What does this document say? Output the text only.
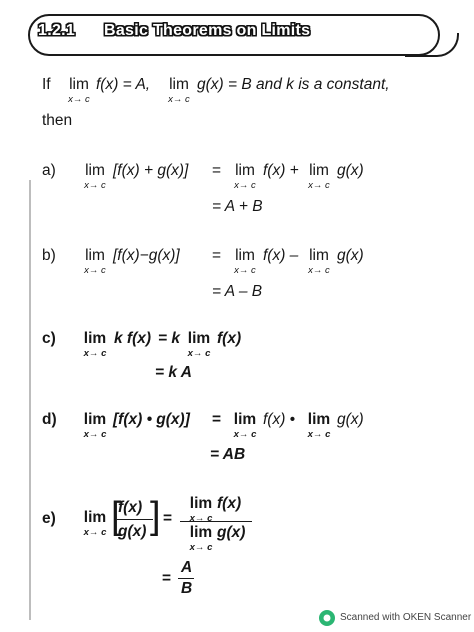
1.2.1 Basic Theorems on Limits
If	lim
x→ c
f(x) = A,	lim
x→ c
g(x) = B and k is a constant,
then
a)	lim
x→ c
[f(x) + g(x)] = lim
x→ c
f(x) + lim
x→ c
g(x)
= A + B
b)	lim
x→ c
[f(x)−g(x)] = lim
x→ c
f(x) – lim
x→ c
g(x)
= A – B
c)	lim
x→ c
k f(x) = k lim
x→ c
f(x)
= k A
d)	lim
x→ c
[f(x) • g(x)] = lim
x→ c
f(x) • lim
x→ c
g(x)
= AB
e)	lim
x→ c [
f(x)
g(x) ] =
lim
x→ c
f(x)
lim
x→ c
g(x)
=
A
B
Scanned with OKEN Scanner
